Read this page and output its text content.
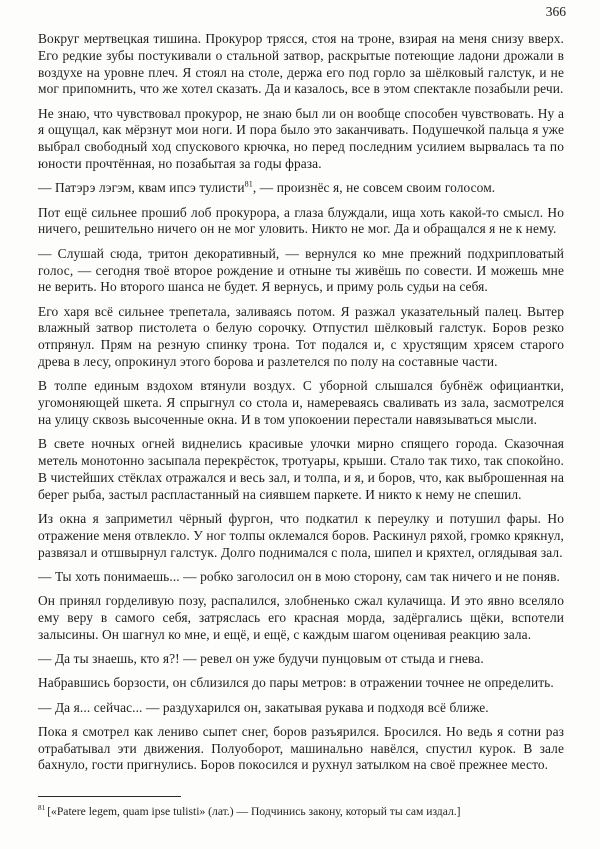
366

Вокруг мертвецкая тишина. Прокурор трясся, стоя на троне, взирая на меня снизу вверх. Его редкие зубы постукивали о стальной затвор, раскрытые потеющие ладони дрожали в воздухе на уровне плеч. Я стоял на столе, держа его под горло за шёлковый галстук, и не мог припомнить, что же хотел сказать. Да и казалось, все в этом спектакле позабыли речи.

Не знаю, что чувствовал прокурор, не знаю был ли он вообще способен чувствовать. Ну а я ощущал, как мёрзнут мои ноги. И пора было это заканчивать. Подушечкой пальца я уже выбрал свободный ход спускового крючка, но перед последним усилием вырвалась та по юности прочтённая, но позабытая за годы фраза.

— Патэрэ лэгэм, квам ипсэ тулисти$^{81}$, — произнёс я, не совсем своим голосом.

Пот ещё сильнее прошиб лоб прокурора, а глаза блуждали, ища хоть какой-то смысл. Но ничего, решительно ничего он не мог уловить. Никто не мог. Да и обращался я не к нему.

— Слушай сюда, тритон декоративный, — вернулся ко мне прежний подхрипловатый голос, — сегодня твоё второе рождение и отныне ты живёшь по совести. И можешь мне не верить. Но второго шанса не будет. Я вернусь, и приму роль судьи на себя.

Его харя всё сильнее трепетала, заливаясь потом. Я разжал указательный палец. Вытер влажный затвор пистолета о белую сорочку. Отпустил шёлковый галстук. Боров резко отпрянул. Прям на резную спинку трона. Тот подался и, с хрустящим хрясем старого древа в лесу, опрокинул этого борова и разлетелся по полу на составные части.

В толпе единым вздохом втянули воздух. С уборной слышался бубнёж официантки, угомоняющей шкета. Я спрыгнул со стола и, намереваясь сваливать из зала, засмотрелся на улицу сквозь высоченные окна. И в том упокоении перестали навязываться мысли.

В свете ночных огней виднелись красивые улочки мирно спящего города. Сказочная метель монотонно засыпала перекрёсток, тротуары, крыши. Стало так тихо, так спокойно. В чистейших стёклах отражался и весь зал, и толпа, и я, и боров, что, как выброшенная на берег рыба, застыл распластанный на сиявшем паркете. И никто к нему не спешил.

Из окна я заприметил чёрный фургон, что подкатил к переулку и потушил фары. Но отражение меня отвлекло. У ног толпы оклемался боров. Раскинул ряхой, громко крякнул, развязал и отшвырнул галстук. Долго поднимался с пола, шипел и кряхтел, оглядывая зал.

— Ты хоть понимаешь... — робко заголосил он в мою сторону, сам так ничего и не поняв.

Он принял горделивую позу, распалился, злобненько сжал кулачища. И это явно вселяло ему веру в самого себя, затряслась его красная морда, задёргались щёки, вспотели залысины. Он шагнул ко мне, и ещё, и ещё, с каждым шагом оценивая реакцию зала.

— Да ты знаешь, кто я?! — ревел он уже будучи пунцовым от стыда и гнева.

Набравшись борзости, он сблизился до пары метров: в отражении точнее не определить.

— Да я... сейчас... — раздухарился он, закатывая рукава и подходя всё ближе.

Пока я смотрел как лениво сыпет снег, боров разъярился. Бросился. Но ведь я сотни раз отрабатывал эти движения. Полуоборот, машинально навёлся, спустил курок. В зале бахнуло, гости пригнулись. Боров покосился и рухнул затылком на своё прежнее место.

$^{81}$ [«Patere legem, quam ipse tulisti» (лат.) — Подчинись закону, который ты сам издал.]
